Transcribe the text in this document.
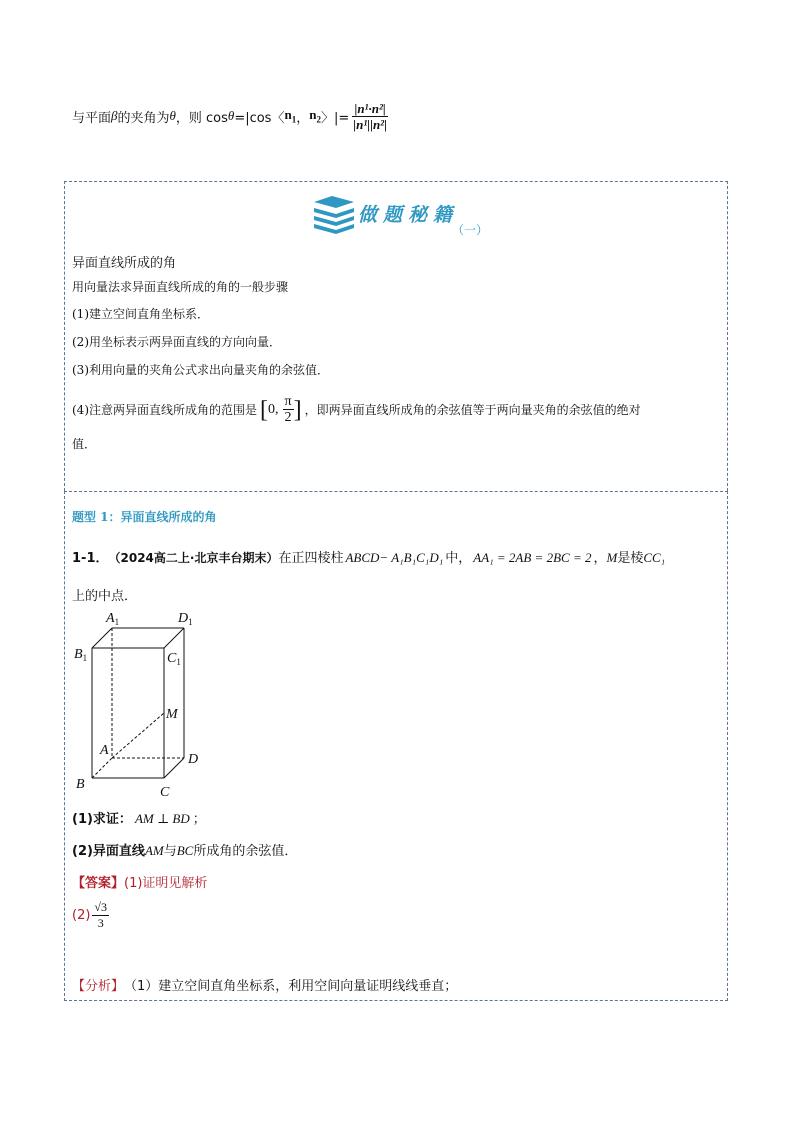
与平面 β 的夹角为 θ ，则 cos θ =|cos〈 $n_1$ ， $n_2$ 〉|= $\frac{\text{|n¹·n²|}}{\text{|n¹||n²|}}$
做题秘籍
（一）
异面直线所成的角
用向量法求异面直线所成的角的一般步骤
(1)建立空间直角坐标系．
(2)用坐标表示两异面直线的方向向量．
(3)利用向量的夹角公式求出向量夹角的余弦值．
(4)注意两异面直线所成角的范围是 [ 0, $\frac{\pi}{2}$ ] ，即两异面直线所成角的余弦值等于两向量夹角的余弦值的绝对
值．
题型 1：异面直线所成的角
1-1． （2024高二上·北京丰台期末） 在正四棱柱 ABCD− A₁B₁C₁D₁ 中， AA₁ = 2AB = 2BC = 2 ， M 是棱 CC₁
上的中点．
$A_1$	$D_1$
$B_1$	$C_1$
M
A
D
B
C
(1)求证： AM ⊥ BD ；
(2)异面直线 AM 与 BC 所成角的余弦值．
【答案】 (1)证明见解析
$(2) \frac{√3}{3}$
【分析】 （1）建立空间直角坐标系，利用空间向量证明线线垂直；
